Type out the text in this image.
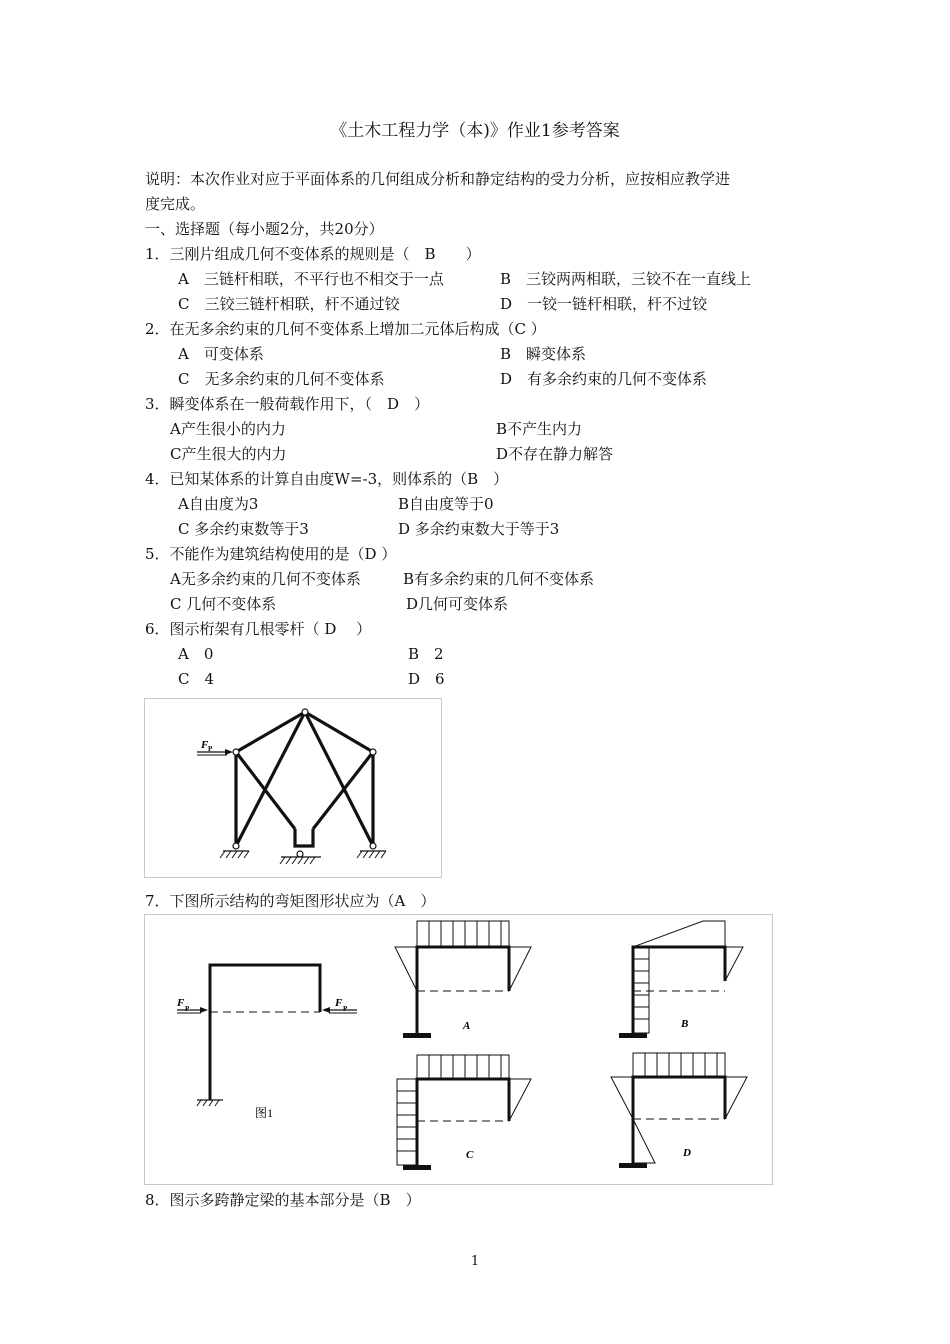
《土木工程力学（本)》作业1参考答案
说明：本次作业对应于平面体系的几何组成分析和静定结构的受力分析，应按相应教学进
度完成。
一、选择题（每小题2分，共20分）
1．三刚片组成几何不变体系的规则是（　B　　）
A　三链杆相联，不平行也不相交于一点	B　三铰两两相联，三铰不在一直线上
C　三铰三链杆相联，杆不通过铰	D　一铰一链杆相联，杆不过铰
2．在无多余约束的几何不变体系上增加二元体后构成（C ）
A　可变体系	B　瞬变体系
C　无多余约束的几何不变体系	D　有多余约束的几何不变体系
3．瞬变体系在一般荷载作用下，（　D　）
A产生很小的内力	B不产生内力
C产生很大的内力	D不存在静力解答
4．已知某体系的计算自由度W=-3，则体系的（B　）
A自由度为3	B自由度等于0
C 多余约束数等于3	D 多余约束数大于等于3
5．不能作为建筑结构使用的是（D ）
A无多余约束的几何不变体系	B有多余约束的几何不变体系
C 几何不变体系	D几何可变体系
6．图示桁架有几根零杆（ D　 ）
A　0	B　2
C　4	D　6
F P
7．下图所示结构的弯矩图形状应为（A　）
F P	F P
图1
A	B
C	D
8．图示多跨静定梁的基本部分是（B　）
1
